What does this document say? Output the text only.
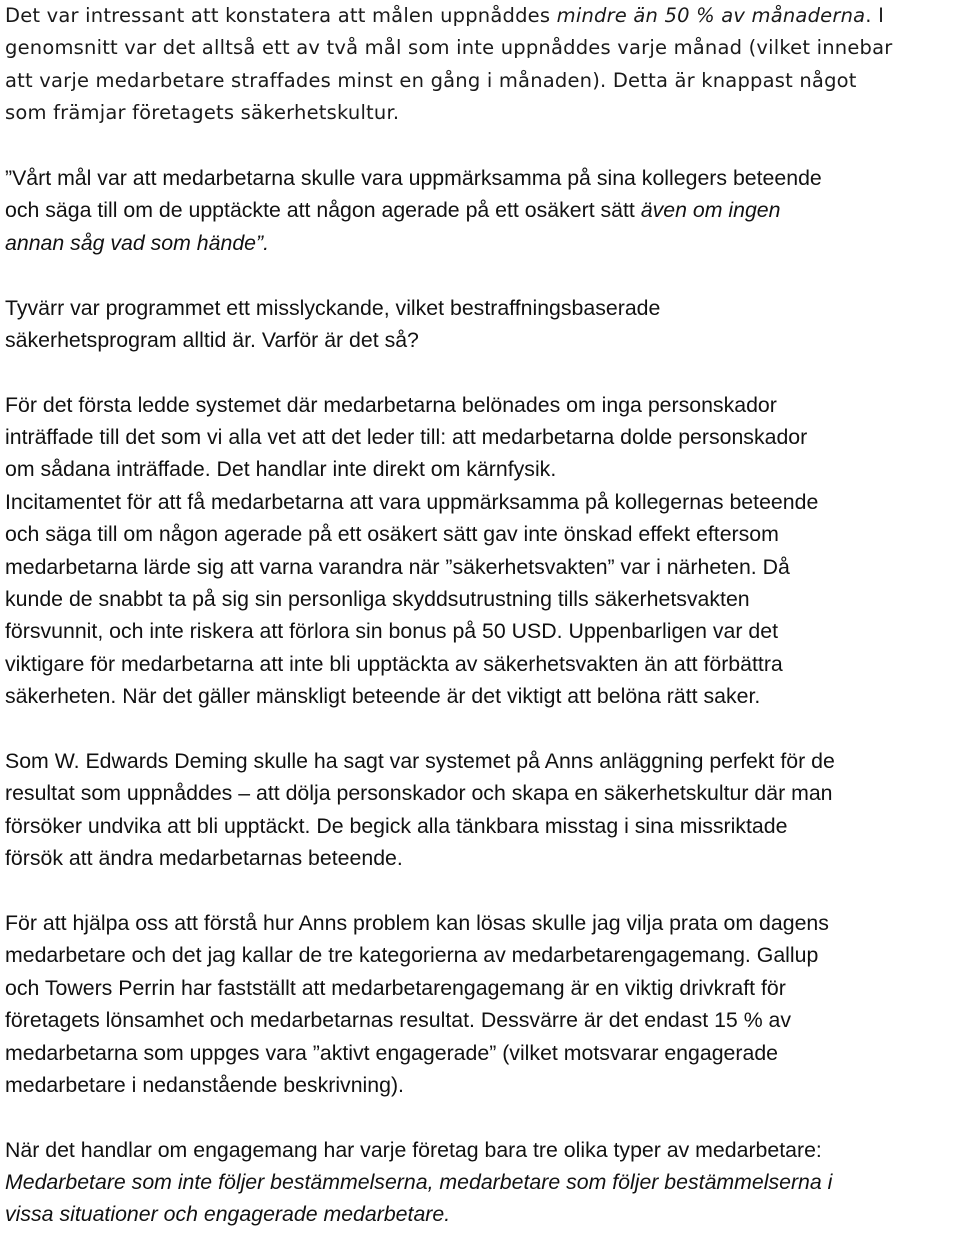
Det var intressant att konstatera att målen uppnåddes mindre än 50 % av månaderna. I
genomsnitt var det alltså ett av två mål som inte uppnåddes varje månad (vilket innebar
att varje medarbetare straffades minst en gång i månaden). Detta är knappast något
som främjar företagets säkerhetskultur.
”Vårt mål var att medarbetarna skulle vara uppmärksamma på sina kollegers beteende
och säga till om de upptäckte att någon agerade på ett osäkert sätt även om ingen
annan såg vad som hände”.
Tyvärr var programmet ett misslyckande, vilket bestraffningsbaserade
säkerhetsprogram alltid är. Varför är det så?
För det första ledde systemet där medarbetarna belönades om inga personskador
inträffade till det som vi alla vet att det leder till: att medarbetarna dolde personskador
om sådana inträffade. Det handlar inte direkt om kärnfysik.
Incitamentet för att få medarbetarna att vara uppmärksamma på kollegernas beteende
och säga till om någon agerade på ett osäkert sätt gav inte önskad effekt eftersom
medarbetarna lärde sig att varna varandra när ”säkerhetsvakten” var i närheten. Då
kunde de snabbt ta på sig sin personliga skyddsutrustning tills säkerhetsvakten
försvunnit, och inte riskera att förlora sin bonus på 50 USD. Uppenbarligen var det
viktigare för medarbetarna att inte bli upptäckta av säkerhetsvakten än att förbättra
säkerheten. När det gäller mänskligt beteende är det viktigt att belöna rätt saker.
Som W. Edwards Deming skulle ha sagt var systemet på Anns anläggning perfekt för de
resultat som uppnåddes – att dölja personskador och skapa en säkerhetskultur där man
försöker undvika att bli upptäckt. De begick alla tänkbara misstag i sina missriktade
försök att ändra medarbetarnas beteende.
För att hjälpa oss att förstå hur Anns problem kan lösas skulle jag vilja prata om dagens
medarbetare och det jag kallar de tre kategorierna av medarbetarengagemang. Gallup
och Towers Perrin har fastställt att medarbetarengagemang är en viktig drivkraft för
företagets lönsamhet och medarbetarnas resultat. Dessvärre är det endast 15 % av
medarbetarna som uppges vara ”aktivt engagerade” (vilket motsvarar engagerade
medarbetare i nedanstående beskrivning).
När det handlar om engagemang har varje företag bara tre olika typer av medarbetare:
Medarbetare som inte följer bestämmelserna, medarbetare som följer bestämmelserna i
vissa situationer och engagerade medarbetare.
